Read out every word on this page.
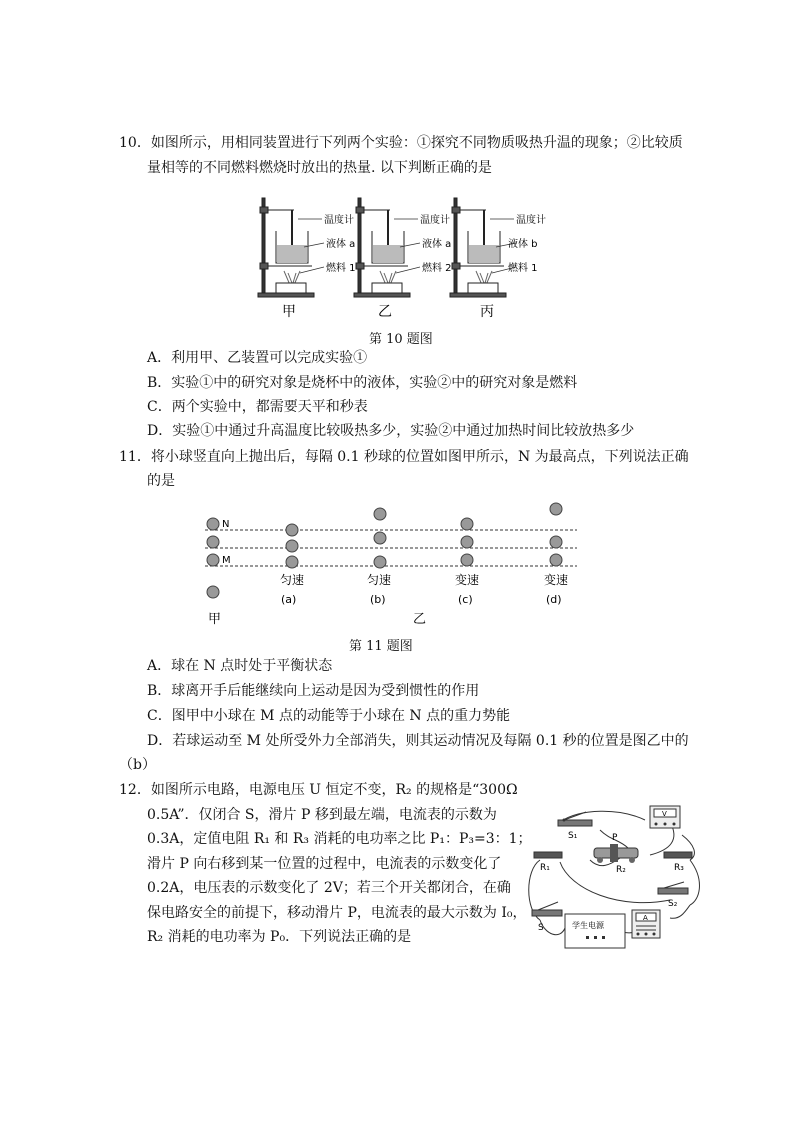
10．如图所示，用相同装置进行下列两个实验：①探究不同物质吸热升温的现象；②比较质
量相等的不同燃料燃烧时放出的热量. 以下判断正确的是
温度计
液体 a
燃料 1
温度计
液体 a
燃料 2
温度计
液体 b
燃料 1
甲	乙	丙
第 10 题图
A．利用甲、乙装置可以完成实验①
B．实验①中的研究对象是烧杯中的液体，实验②中的研究对象是燃料
C．两个实验中，都需要天平和秒表
D．实验①中通过升高温度比较吸热多少，实验②中通过加热时间比较放热多少
11．将小球竖直向上抛出后，每隔 0.1 秒球的位置如图甲所示，N 为最高点，下列说法正确
的是
N
M
匀速	匀速	变速	变速
(a)	(b)	(c)	(d)
甲	乙
第 11 题图
A．球在 N 点时处于平衡状态
B．球离开手后能继续向上运动是因为受到惯性的作用
C．图甲中小球在 M 点的动能等于小球在 N 点的重力势能
D．若球运动至 M 处所受外力全部消失，则其运动情况及每隔 0.1 秒的位置是图乙中的
（b）
12．如图所示电路，电源电压 U 恒定不变，R₂ 的规格是“300Ω
0.5A”．仅闭合 S，滑片 P 移到最左端，电流表的示数为
0.3A，定值电阻 R₁ 和 R₃ 消耗的电功率之比 P₁：P₃=3：1；
滑片 P 向右移到某一位置的过程中，电流表的示数变化了
0.2A，电压表的示数变化了 2V；若三个开关都闭合，在确
保电路安全的前提下，移动滑片 P，电流表的最大示数为 I₀，
R₂ 消耗的电功率为 P₀．下列说法正确的是
S₁	P
R₂
R₁	R₃
V
S₂
S	学生电源
A
